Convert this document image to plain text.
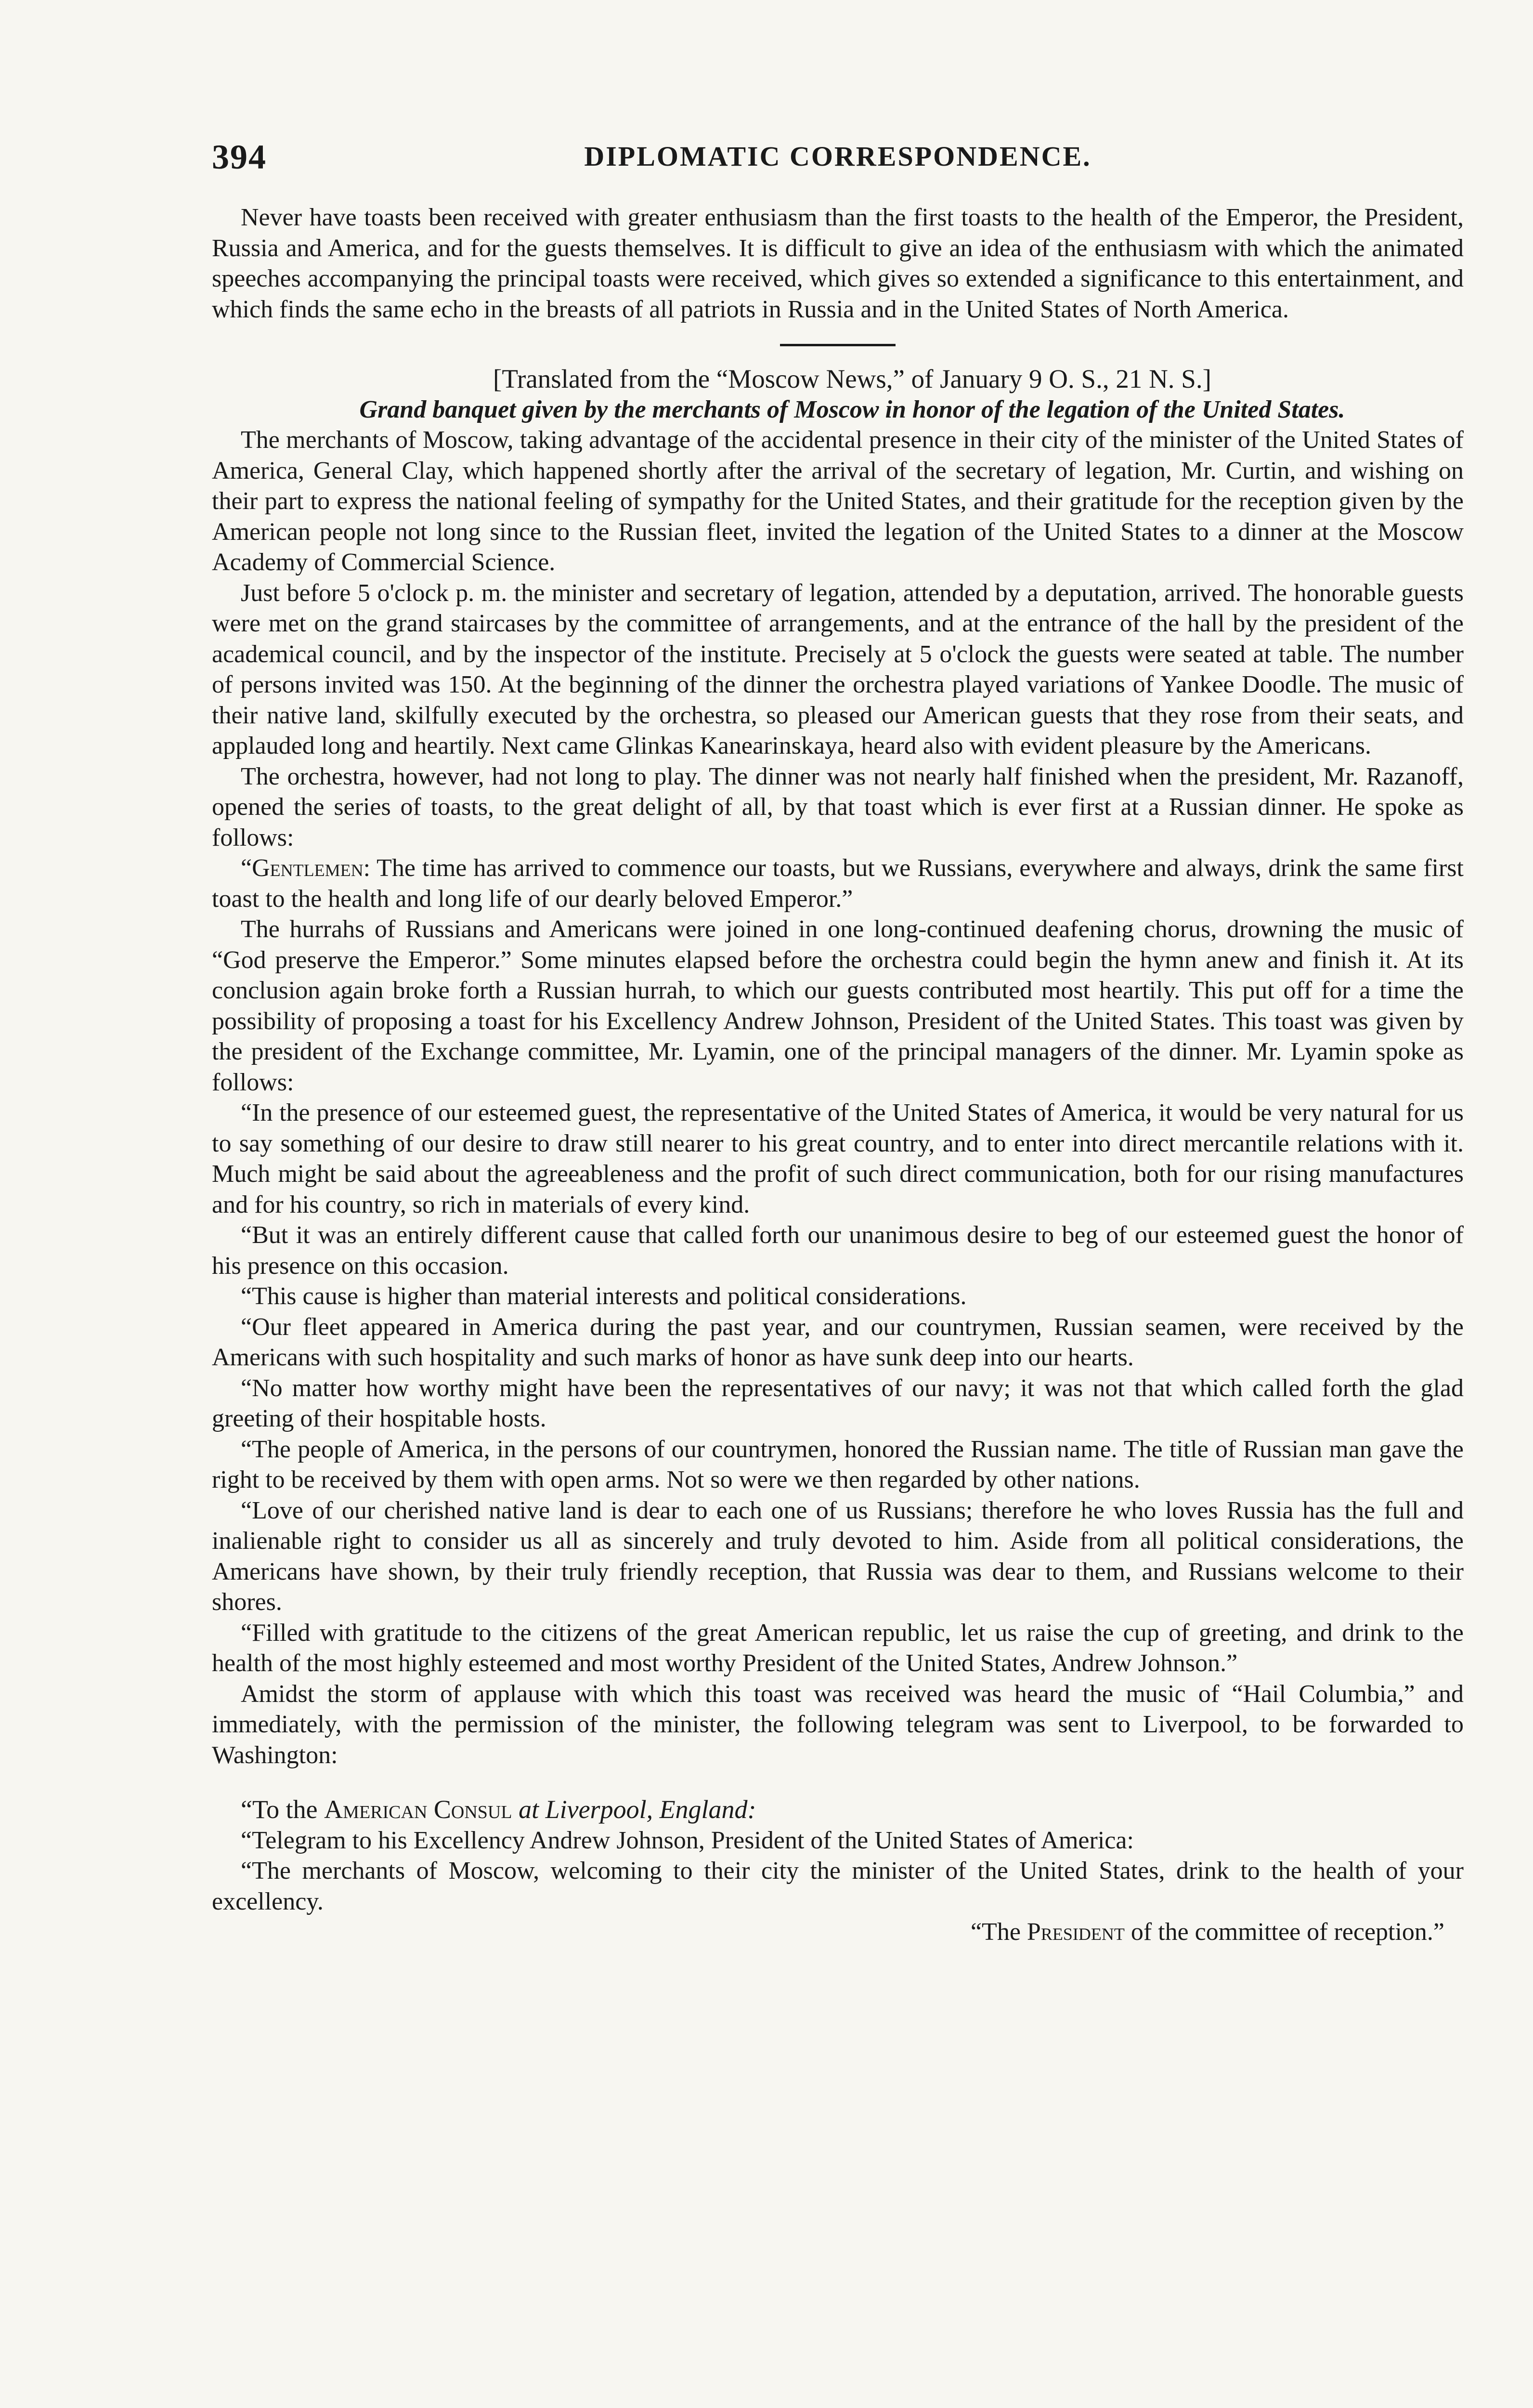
394	DIPLOMATIC CORRESPONDENCE.

Never have toasts been received with greater enthusiasm than the first toasts to the health of the Emperor, the President, Russia and America, and for the guests themselves. It is difficult to give an idea of the enthusiasm with which the animated speeches accompanying the principal toasts were received, which gives so extended a significance to this entertainment, and which finds the same echo in the breasts of all patriots in Russia and in the United States of North America.

[Translated from the “Moscow News,” of January 9 O. S., 21 N. S.]

Grand banquet given by the merchants of Moscow in honor of the legation of the United States.

The merchants of Moscow, taking advantage of the accidental presence in their city of the minister of the United States of America, General Clay, which happened shortly after the arrival of the secretary of legation, Mr. Curtin, and wishing on their part to express the national feeling of sympathy for the United States, and their gratitude for the reception given by the American people not long since to the Russian fleet, invited the legation of the United States to a dinner at the Moscow Academy of Commercial Science.

Just before 5 o'clock p. m. the minister and secretary of legation, attended by a deputation, arrived. The honorable guests were met on the grand staircases by the committee of arrangements, and at the entrance of the hall by the president of the academical council, and by the inspector of the institute. Precisely at 5 o'clock the guests were seated at table. The number of persons invited was 150. At the beginning of the dinner the orchestra played variations of Yankee Doodle. The music of their native land, skilfully executed by the orchestra, so pleased our American guests that they rose from their seats, and applauded long and heartily. Next came Glinkas Kanearinskaya, heard also with evident pleasure by the Americans.

The orchestra, however, had not long to play. The dinner was not nearly half finished when the president, Mr. Razanoff, opened the series of toasts, to the great delight of all, by that toast which is ever first at a Russian dinner. He spoke as follows:

“Gentlemen: The time has arrived to commence our toasts, but we Russians, everywhere and always, drink the same first toast to the health and long life of our dearly beloved Emperor.”

The hurrahs of Russians and Americans were joined in one long-continued deafening chorus, drowning the music of “God preserve the Emperor.” Some minutes elapsed before the orchestra could begin the hymn anew and finish it. At its conclusion again broke forth a Russian hurrah, to which our guests contributed most heartily. This put off for a time the possibility of proposing a toast for his Excellency Andrew Johnson, President of the United States. This toast was given by the president of the Exchange committee, Mr. Lyamin, one of the principal managers of the dinner. Mr. Lyamin spoke as follows:

“In the presence of our esteemed guest, the representative of the United States of America, it would be very natural for us to say something of our desire to draw still nearer to his great country, and to enter into direct mercantile relations with it. Much might be said about the agreeableness and the profit of such direct communication, both for our rising manufactures and for his country, so rich in materials of every kind.

“But it was an entirely different cause that called forth our unanimous desire to beg of our esteemed guest the honor of his presence on this occasion.

“This cause is higher than material interests and political considerations.

“Our fleet appeared in America during the past year, and our countrymen, Russian seamen, were received by the Americans with such hospitality and such marks of honor as have sunk deep into our hearts.

“No matter how worthy might have been the representatives of our navy; it was not that which called forth the glad greeting of their hospitable hosts.

“The people of America, in the persons of our countrymen, honored the Russian name. The title of Russian man gave the right to be received by them with open arms. Not so were we then regarded by other nations.

“Love of our cherished native land is dear to each one of us Russians; therefore he who loves Russia has the full and inalienable right to consider us all as sincerely and truly devoted to him. Aside from all political considerations, the Americans have shown, by their truly friendly reception, that Russia was dear to them, and Russians welcome to their shores.

“Filled with gratitude to the citizens of the great American republic, let us raise the cup of greeting, and drink to the health of the most highly esteemed and most worthy President of the United States, Andrew Johnson.”

Amidst the storm of applause with which this toast was received was heard the music of “Hail Columbia,” and immediately, with the permission of the minister, the following telegram was sent to Liverpool, to be forwarded to Washington:

“To the American Consul at Liverpool, England:

“Telegram to his Excellency Andrew Johnson, President of the United States of America:

“The merchants of Moscow, welcoming to their city the minister of the United States, drink to the health of your excellency.

“The President of the committee of reception.”
